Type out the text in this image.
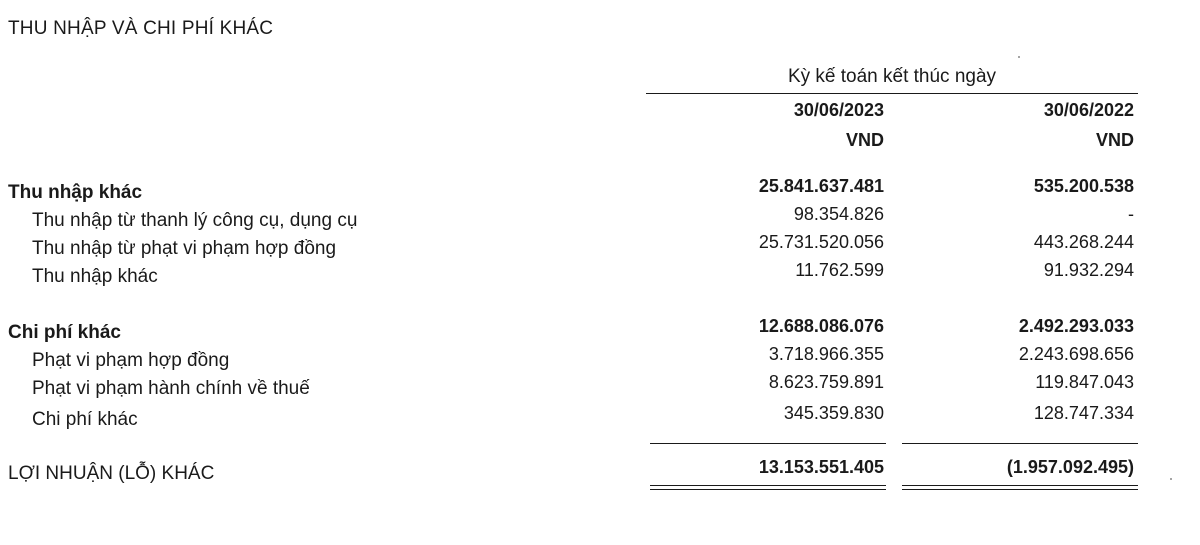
THU NHẬP VÀ CHI PHÍ KHÁC
Kỳ kế toán kết thúc ngày
30/06/2023	30/06/2022
VND	VND
Thu nhập khác	25.841.637.481	535.200.538
Thu nhập từ thanh lý công cụ, dụng cụ	98.354.826	-
Thu nhập từ phạt vi phạm hợp đồng	25.731.520.056	443.268.244
Thu nhập khác	11.762.599	91.932.294
Chi phí khác	12.688.086.076	2.492.293.033
Phạt vi phạm hợp đồng	3.718.966.355	2.243.698.656
Phạt vi phạm hành chính về thuế	8.623.759.891	119.847.043
Chi phí khác	345.359.830	128.747.334
LỢI NHUẬN (LỖ) KHÁC	13.153.551.405	(1.957.092.495)
